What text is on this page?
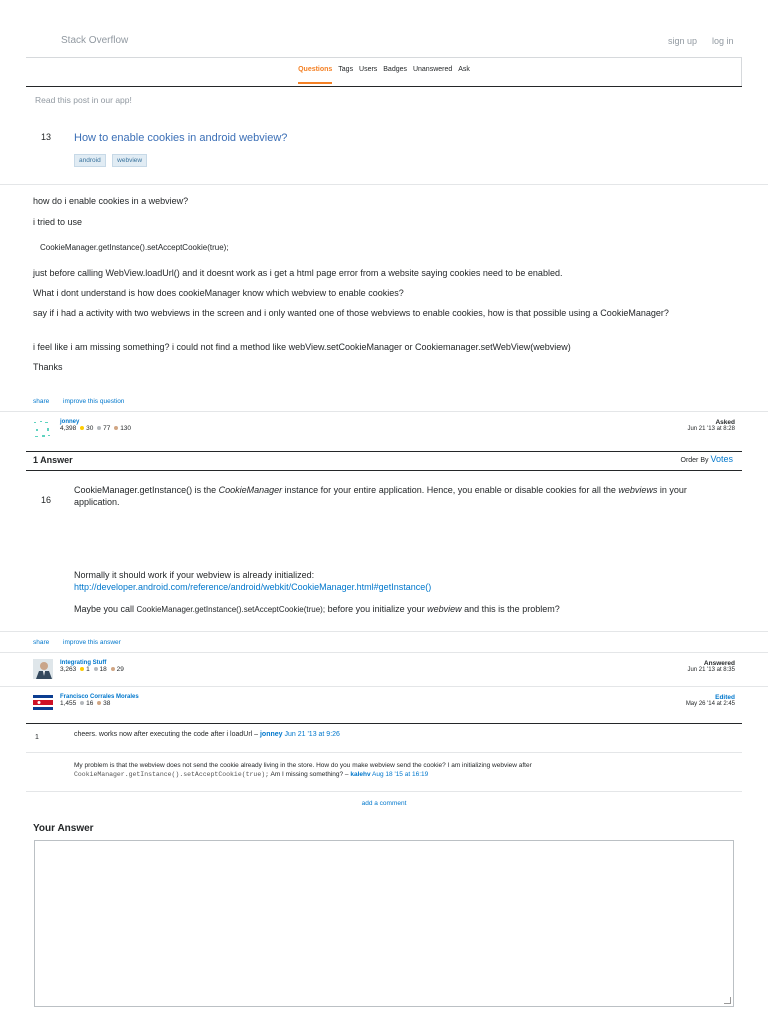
Stack Overflow	sign up log in
Questions Tags Users Badges Unanswered Ask
Read this post in our app!
13 How to enable cookies in android webview?
android	webview
how do i enable cookies in a webview?
i tried to use
CookieManager.getInstance().setAcceptCookie(true);
just before calling WebView.loadUrl() and it doesnt work as i get a html page error from a website saying cookies need to be enabled.
What i dont understand is how does cookieManager know which webview to enable cookies?
say if i had a activity with two webviews in the screen and i only wanted one of those webviews to enable cookies, how is that possible using a CookieManager?
i feel like i am missing something? i could not find a method like webView.setCookieManager or Cookiemanager.setWebView(webview)
Thanks
share improve this question
jonney
4,398 30 77 130
Asked
Jun 21 '13 at 8:28
1 Answer	Order By Votes
16
CookieManager.getInstance() is the CookieManager instance for your entire application. Hence, you enable or disable cookies for all the webviews in your application.
Normally it should work if your webview is already initialized:
http://developer.android.com/reference/android/webkit/CookieManager.html#getInstance()
Maybe you call CookieManager.getInstance().setAcceptCookie(true); before you initialize your webview and this is the problem?
share improve this answer
Integrating Stuff
3,263 1 18 29
Answered
Jun 21 '13 at 8:35
Francisco Corrales Morales
1,455 16 38
Edited
May 26 '14 at 2:45
1	cheers. works now after executing the code after i loadUrl – jonney Jun 21 '13 at 9:26
My problem is that the webview does not send the cookie already living in the store. How do you make webview send the cookie? I am initializing webview after
CookieManager.getInstance().setAcceptCookie(true); Am I missing something? – kalehv Aug 18 '15 at 16:19
add a comment
Your Answer
